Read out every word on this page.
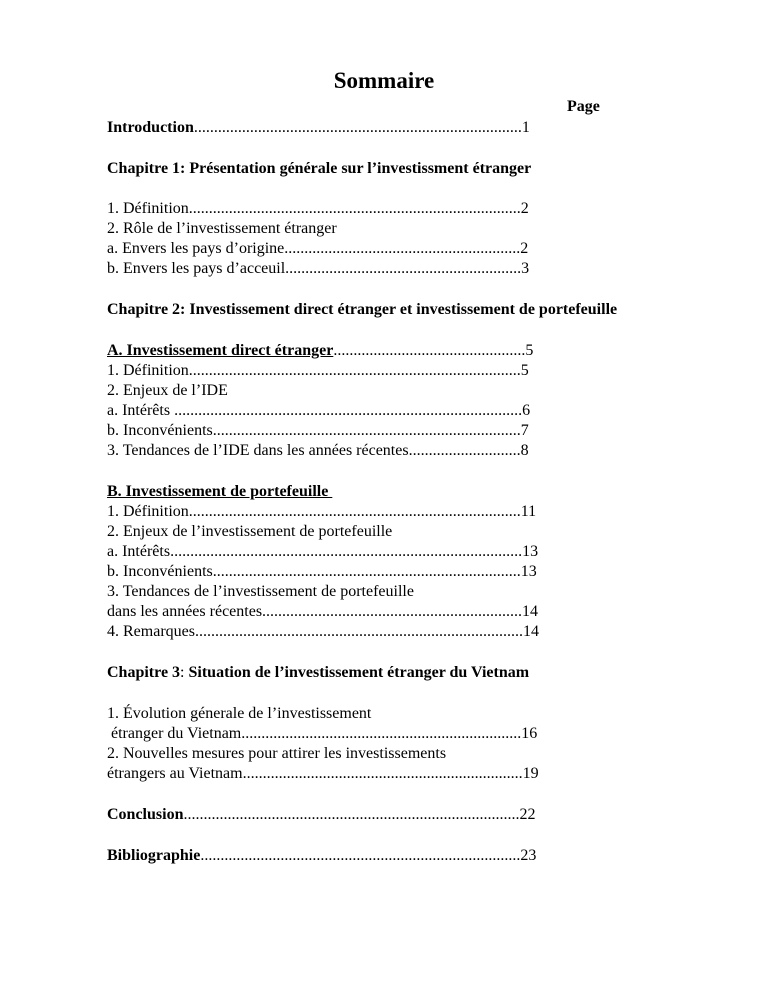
Sommaire
Page
Introduction..................................................................................1
Chapitre 1: Présentation générale sur l’investissment étranger
1. Définition...................................................................................2
2. Rôle de l’investissement étranger
a. Envers les pays d’origine...........................................................2
b. Envers les pays d’acceuil...........................................................3
Chapitre 2: Investissement direct étranger et investissement de portefeuille
A. Investissement direct étranger................................................5
1. Définition...................................................................................5
2. Enjeux de l’IDE
a. Intérêts .......................................................................................6
b. Inconvénients.............................................................................7
3. Tendances de l’IDE dans les années récentes............................8
B. Investissement de portefeuille
1. Définition...................................................................................11
2. Enjeux de l’investissement de portefeuille
a. Intérêts........................................................................................13
b. Inconvénients.............................................................................13
3. Tendances de l’investissement de portefeuille
dans les années récentes.................................................................14
4. Remarques..................................................................................14
Chapitre 3: Situation de l’investissement étranger du Vietnam
1. Évolution génerale de l’investissement
étranger du Vietnam......................................................................16
2. Nouvelles mesures pour attirer les investissements
étrangers au Vietnam......................................................................19
Conclusion....................................................................................22
Bibliographie................................................................................23
